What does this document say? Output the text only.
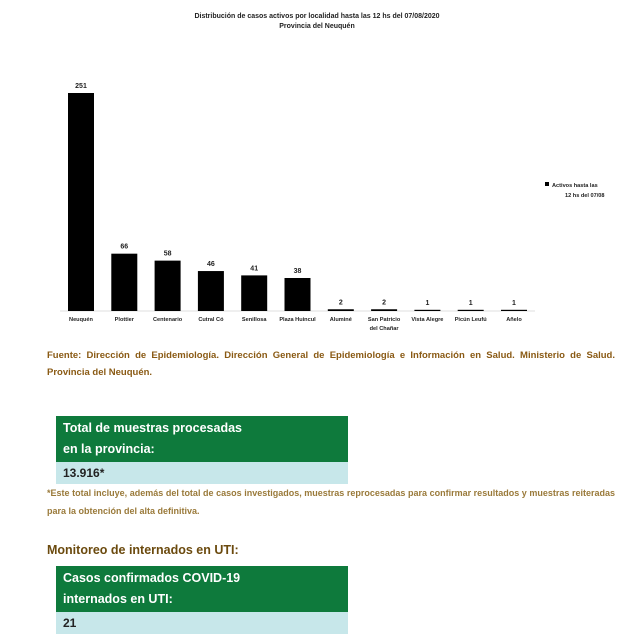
Distribución de casos activos por localidad hasta las 12 hs del 07/08/2020
Provincia del Neuquén
251
Neuquén
66
Plottier
58
Centenario
46
Cutral Có
41
Senillosa
38
Plaza Huincul
2
Aluminé
2
San Patricio
del Chañar
1
Vista Alegre
1
Picún Leufú
1
Añelo
Activos hasta las
12 hs del 07/08
Fuente: Dirección de Epidemiología. Dirección General de Epidemiología e Información en Salud. Ministerio de Salud. Provincia del Neuquén.
Total de muestras procesadas
en la provincia:
13.916*
*Este total incluye, además del total de casos investigados, muestras reprocesadas para confirmar resultados y muestras reiteradas para la obtención del alta definitiva.
Monitoreo de internados en UTI:
Casos confirmados COVID-19
internados en UTI:
21
